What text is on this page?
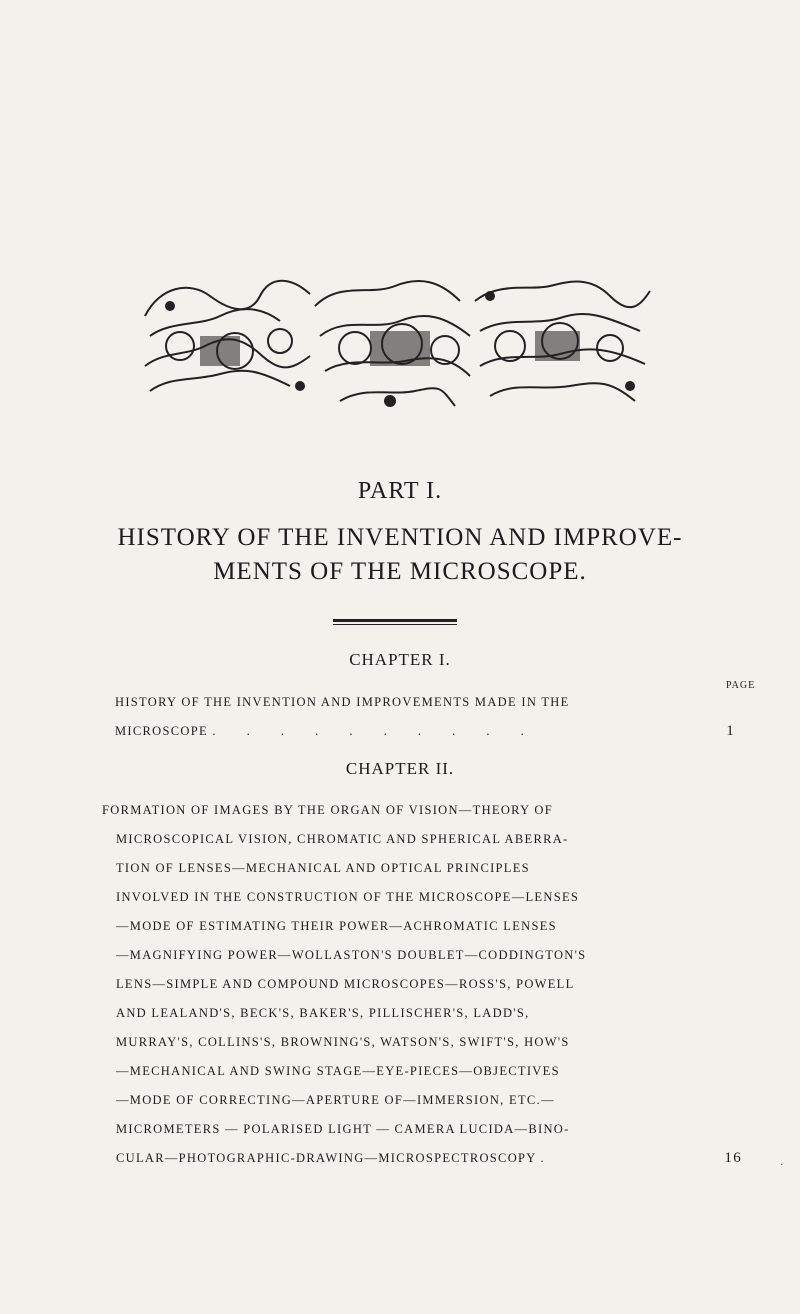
PART I.
HISTORY OF THE INVENTION AND IMPROVE-
MENTS OF THE MICROSCOPE.
CHAPTER I.
PAGE
HISTORY OF THE INVENTION AND IMPROVEMENTS MADE IN THE
MICROSCOPE . . . . . . . . . .	1
CHAPTER II.
FORMATION OF IMAGES BY THE ORGAN OF VISION—THEORY OF
MICROSCOPICAL VISION, CHROMATIC AND SPHERICAL ABERRA-
TION OF LENSES—MECHANICAL AND OPTICAL PRINCIPLES
INVOLVED IN THE CONSTRUCTION OF THE MICROSCOPE—LENSES
—MODE OF ESTIMATING THEIR POWER—ACHROMATIC LENSES
—MAGNIFYING POWER—WOLLASTON'S DOUBLET—CODDINGTON'S
LENS—SIMPLE AND COMPOUND MICROSCOPES—ROSS'S, POWELL
AND LEALAND'S, BECK'S, BAKER'S, PILLISCHER'S, LADD'S,
MURRAY'S, COLLINS'S, BROWNING'S, WATSON'S, SWIFT'S, HOW'S
—MECHANICAL AND SWING STAGE—EYE-PIECES—OBJECTIVES
—MODE OF CORRECTING—APERTURE OF—IMMERSION, ETC.—
MICROMETERS — POLARISED LIGHT — CAMERA LUCIDA—BINO-
CULAR—PHOTOGRAPHIC-DRAWING—MICROSPECTROSCOPY .	16	·
